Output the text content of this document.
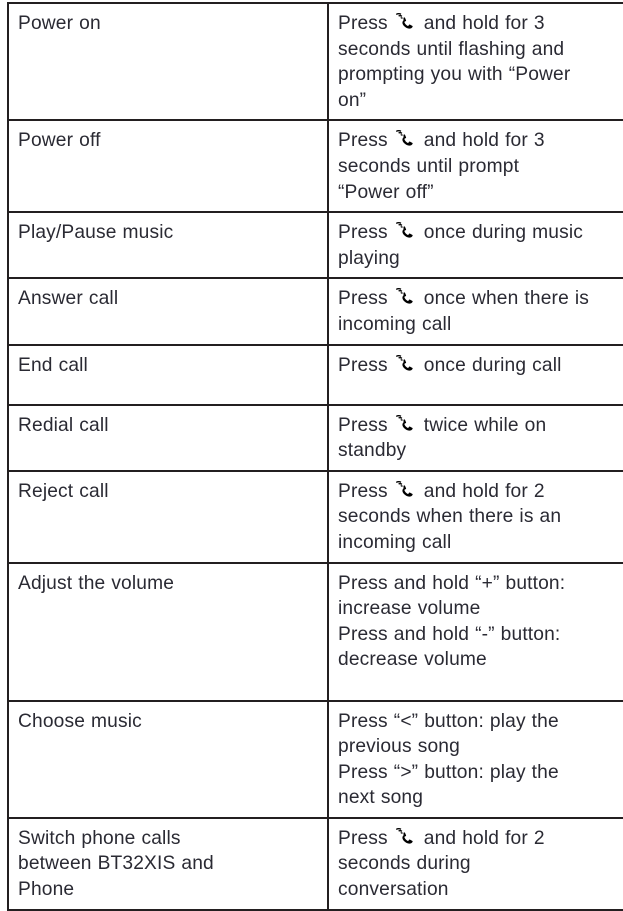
Power on	Press and hold for 3
seconds until flashing and
prompting you with “Power
on”

Power off	Press and hold for 3
seconds until prompt
“Power off”

Play/Pause music	Press once during music
playing

Answer call	Press once when there is
incoming call

End call	Press once during call

Redial call	Press twice while on
standby

Reject call	Press and hold for 2
seconds when there is an
incoming call

Adjust the volume	Press and hold “+” button:
increase volume
Press and hold “-” button:
decrease volume

Choose music	Press “<” button: play the
previous song
Press “>” button: play the
next song

Switch phone calls
between BT32XIS and
Phone	Press and hold for 2
seconds during
conversation
